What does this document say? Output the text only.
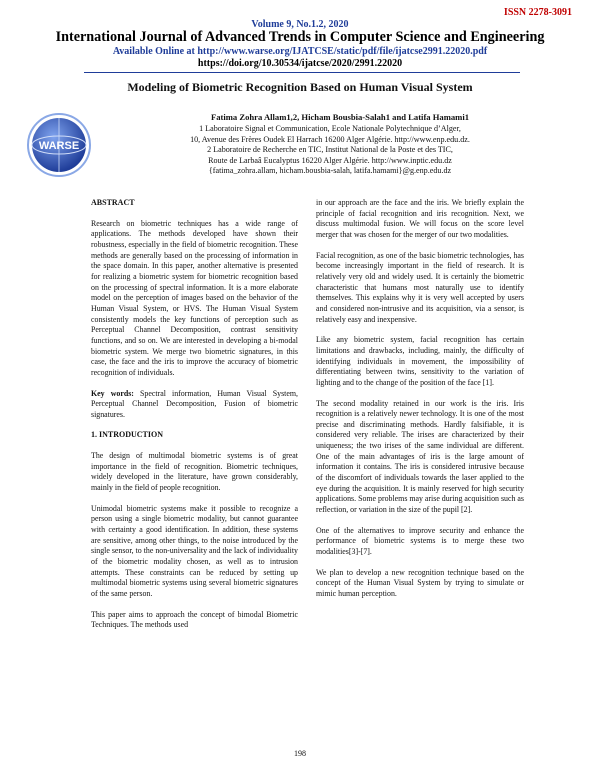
ISSN 2278-3091
Volume 9, No.1.2, 2020
International Journal of Advanced Trends in Computer Science and Engineering
Available Online at http://www.warse.org/IJATCSE/static/pdf/file/ijatcse2991.22020.pdf
https://doi.org/10.30534/ijatcse/2020/2991.22020
Modeling of Biometric Recognition Based on Human Visual System
WARSE
Fatima Zohra Allam1,2, Hicham Bousbia-Salah1 and Latifa Hamami1
1 Laboratoire Signal et Communication, Ecole Nationale Polytechnique d’Alger,
10, Avenue des Frères Oudek El Harrach 16200 Alger Algérie. http://www.enp.edu.dz.
2 Laboratoire de Recherche en TIC, Institut National de la Poste et des TIC,
Route de Larbaâ Eucalyptus 16220 Alger Algérie. http://www.inptic.edu.dz
{fatima_zohra.allam, hicham.bousbia-salah, latifa.hamami}@g.enp.edu.dz
ABSTRACT

Research on biometric techniques has a wide range of applications. The methods developed have shown their robustness, especially in the field of biometric recognition. These methods are generally based on the processing of information in the space domain. In this paper, another alternative is presented for realizing a biometric system for biometric recognition based on the processing of spectral information. It is a more elaborate model on the perception of images based on the behavior of the Human Visual System, or HVS. The Human Visual System consistently models the key functions of perception such as Perceptual Channel Decomposition, contrast sensitivity functions, and so on. We are interested in developing a bi-modal biometric system. We merge two biometric signatures, in this case, the face and the iris to improve the accuracy of biometric recognition of individuals.

Key words: Spectral information, Human Visual System, Perceptual Channel Decomposition, Fusion of biometric signatures.

1. INTRODUCTION

The design of multimodal biometric systems is of great importance in the field of recognition. Biometric techniques, widely developed in the literature, have grown considerably, mainly in the field of people recognition.

Unimodal biometric systems make it possible to recognize a person using a single biometric modality, but cannot guarantee with certainty a good identification. In addition, these systems are sensitive, among other things, to the noise introduced by the single sensor, to the non-universality and the lack of individuality of the biometric modality chosen, as well as to intrusion attempts. These constraints can be reduced by setting up multimodal biometric systems using several biometric signatures of the same person.

This paper aims to approach the concept of bimodal Biometric Techniques. The methods used

in our approach are the face and the iris. We briefly explain the principle of facial recognition and iris recognition. Next, we discuss multimodal fusion. We will focus on the score level merger that was chosen for the merger of our two modalities.

Facial recognition, as one of the basic biometric technologies, has become increasingly important in the field of research. It is relatively very old and widely used. It is certainly the biometric characteristic that humans most naturally use to identify themselves. This explains why it is very well accepted by users and considered non-intrusive and its acquisition, via a sensor, is relatively easy and inexpensive.

Like any biometric system, facial recognition has certain limitations and drawbacks, including, mainly, the difficulty of identifying individuals in movement, the impossibility of differentiating between twins, sensitivity to the variation of lighting and to the change of the position of the face [1].

The second modality retained in our work is the iris. Iris recognition is a relatively newer technology. It is one of the most precise and discriminating methods. Hardly falsifiable, it is considered very reliable. The irises are characterized by their uniqueness; the two irises of the same individual are different. One of the main advantages of iris is the large amount of information it contains. The iris is considered intrusive because of the discomfort of individuals towards the laser applied to the eye during the acquisition. It is mainly reserved for high security applications. Some problems may arise during acquisition such as reflection, or variation in the size of the pupil [2].

One of the alternatives to improve security and enhance the performance of biometric systems is to merge these two modalities[3]-[7].

We plan to develop a new recognition technique based on the concept of the Human Visual System by trying to simulate or mimic human perception.

198
